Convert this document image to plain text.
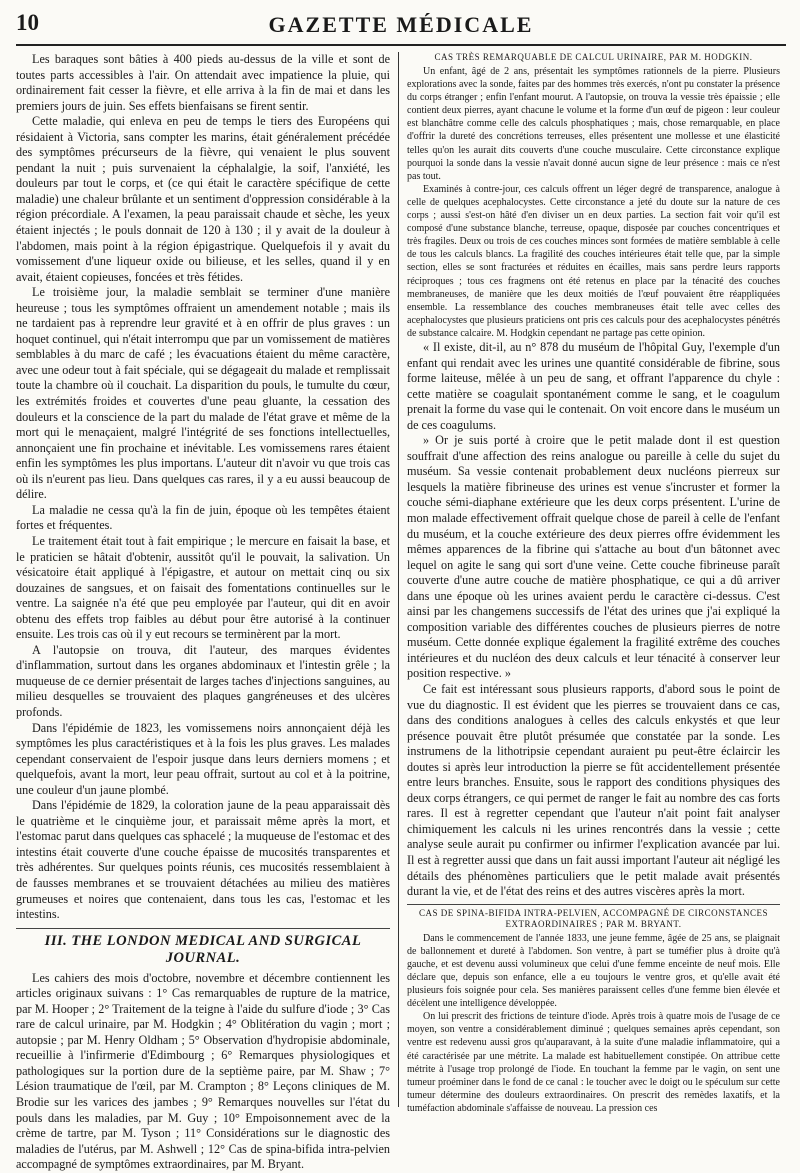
10	GAZETTE MÉDICALE

Les baraques sont bâties à 400 pieds au-dessus de la ville et sont de toutes parts accessibles à l'air. On attendait avec impatience la pluie, qui ordinairement fait cesser la fièvre, et elle arriva à la fin de mai et dans les premiers jours de juin. Ses effets bienfaisans se firent sentir.

Cette maladie, qui enleva en peu de temps le tiers des Européens qui résidaient à Victoria, sans compter les marins, était généralement précédée des symptômes précurseurs de la fièvre, qui venaient le plus souvent pendant la nuit ; puis survenaient la céphalalgie, la soif, l'anxiété, les douleurs par tout le corps, et (ce qui était le caractère spécifique de cette maladie) une chaleur brûlante et un sentiment d'oppression considérable à la région précordiale. A l'examen, la peau paraissait chaude et sèche, les yeux étaient injectés ; le pouls donnait de 120 à 130 ; il y avait de la douleur à l'abdomen, mais point à la région épigastrique. Quelquefois il y avait du vomissement d'une liqueur oxide ou bilieuse, et les selles, quand il y en avait, étaient copieuses, foncées et très fétides.

Le troisième jour, la maladie semblait se terminer d'une manière heureuse ; tous les symptômes offraient un amendement notable ; mais ils ne tardaient pas à reprendre leur gravité et à en offrir de plus graves : un hoquet continuel, qui n'était interrompu que par un vomissement de matières semblables à du marc de café ; les évacuations étaient du même caractère, avec une odeur tout à fait spéciale, qui se dégageait du malade et remplissait toute la chambre où il couchait. La disparition du pouls, le tumulte du cœur, les extrémités froides et couvertes d'une peau gluante, la cessation des douleurs et la conscience de la part du malade de l'état grave et même de la mort qui le menaçaient, malgré l'intégrité de ses fonctions intellectuelles, annonçaient une fin prochaine et inévitable. Les vomissemens rares étaient enfin les symptômes les plus importans. L'auteur dit n'avoir vu que trois cas où ils n'eurent pas lieu. Dans quelques cas rares, il y a eu aussi beaucoup de délire.

La maladie ne cessa qu'à la fin de juin, époque où les tempêtes étaient fortes et fréquentes.

Le traitement était tout à fait empirique ; le mercure en faisait la base, et le praticien se hâtait d'obtenir, aussitôt qu'il le pouvait, la salivation. Un vésicatoire était appliqué à l'épigastre, et autour on mettait cinq ou six douzaines de sangsues, et on faisait des fomentations continuelles sur le ventre. La saignée n'a été que peu employée par l'auteur, qui dit en avoir obtenu des effets trop faibles au début pour être autorisé à la continuer ensuite. Les trois cas où il y eut recours se terminèrent par la mort.

A l'autopsie on trouva, dit l'auteur, des marques évidentes d'inflammation, surtout dans les organes abdominaux et l'intestin grêle ; la muqueuse de ce dernier présentait de larges taches d'injections sanguines, au milieu desquelles se trouvaient des plaques gangréneuses et des ulcères profonds.

Dans l'épidémie de 1823, les vomissemens noirs annonçaient déjà les symptômes les plus caractéristiques et à la fois les plus graves. Les malades cependant conservaient de l'espoir jusque dans leurs derniers momens ; et quelquefois, avant la mort, leur peau offrait, surtout au col et à la poitrine, une couleur d'un jaune plombé.

Dans l'épidémie de 1829, la coloration jaune de la peau apparaissait dès le quatrième et le cinquième jour, et paraissait même après la mort, et l'estomac parut dans quelques cas sphacelé ; la muqueuse de l'estomac et des intestins était couverte d'une couche épaisse de mucosités transparentes et très adhérentes. Sur quelques points réunis, ces mucosités ressemblaient à de fausses membranes et se trouvaient détachées au milieu des matières grumeuses et noires que contenaient, dans tous les cas, l'estomac et les intestins.

III. THE LONDON MEDICAL AND SURGICAL JOURNAL.

Les cahiers des mois d'octobre, novembre et décembre contiennent les articles originaux suivans : 1° Cas remarquables de rupture de la matrice, par M. Hooper ; 2° Traitement de la teigne à l'aide du sulfure d'iode ; 3° Cas rare de calcul urinaire, par M. Hodgkin ; 4° Oblitération du vagin ; mort ; autopsie ; par M. Henry Oldham ; 5° Observation d'hydropisie abdominale, recueillie à l'infirmerie d'Edimbourg ; 6° Remarques physiologiques et pathologiques sur la portion dure de la septième paire, par M. Shaw ; 7° Lésion traumatique de l'œil, par M. Crampton ; 8° Leçons cliniques de M. Brodie sur les varices des jambes ; 9° Remarques nouvelles sur l'état du pouls dans les maladies, par M. Guy ; 10° Empoisonnement avec de la crème de tartre, par M. Tyson ; 11° Considérations sur le diagnostic des maladies de l'utérus, par M. Ashwell ; 12° Cas de spina-bifida intra-pelvien accompagné de symptômes extraordinaires, par M. Bryant.

CAS TRÈS REMARQUABLE DE CALCUL URINAIRE, PAR M. HODGKIN.

Un enfant, âgé de 2 ans, présentait les symptômes rationnels de la pierre. Plusieurs explorations avec la sonde, faites par des hommes très exercés, n'ont pu constater la présence du corps étranger ; enfin l'enfant mourut. A l'autopsie, on trouva la vessie très épaissie ; elle contient deux pierres, ayant chacune le volume et la forme d'un œuf de pigeon : leur couleur est blanchâtre comme celle des calculs phosphatiques ; mais, chose remarquable, en place d'offrir la dureté des concrétions terreuses, elles présentent une mollesse et une élasticité telles qu'on les aurait dits couverts d'une couche musculaire. Cette circonstance explique pourquoi la sonde dans la vessie n'avait donné aucun signe de leur présence : mais ce n'est pas tout.

Examinés à contre-jour, ces calculs offrent un léger degré de transparence, analogue à celle de quelques acephalocystes. Cette circonstance a jeté du doute sur la nature de ces corps ; aussi s'est-on hâté d'en diviser un en deux parties. La section fait voir qu'il est composé d'une substance blanche, terreuse, opaque, disposée par couches concentriques et très fragiles. Deux ou trois de ces couches minces sont formées de matière semblable à celle de tous les calculs blancs. La fragilité des couches intérieures était telle que, par la simple section, elles se sont fracturées et réduites en écailles, mais sans perdre leurs rapports réciproques ; tous ces fragmens ont été retenus en place par la ténacité des couches membraneuses, de manière que les deux moitiés de l'œuf pouvaient être réappliquées ensemble. La ressemblance des couches membraneuses était telle avec celles des acephalocystes que plusieurs praticiens ont pris ces calculs pour des acephalocystes pénétrés de substance calcaire. M. Hodgkin cependant ne partage pas cette opinion.

« Il existe, dit-il, au n° 878 du muséum de l'hôpital Guy, l'exemple d'un enfant qui rendait avec les urines une quantité considérable de fibrine, sous forme laiteuse, mêlée à un peu de sang, et offrant l'apparence du chyle : cette matière se coagulait spontanément comme le sang, et le coagulum prenait la forme du vase qui le contenait. On voit encore dans le muséum un de ces coagulums.

» Or je suis porté à croire que le petit malade dont il est question souffrait d'une affection des reins analogue ou pareille à celle du sujet du muséum. Sa vessie contenait probablement deux nucléons pierreux sur lesquels la matière fibrineuse des urines est venue s'incruster et former la couche sémi-diaphane extérieure que les deux corps présentent. L'urine de mon malade effectivement offrait quelque chose de pareil à celle de l'enfant du muséum, et la couche extérieure des deux pierres offre évidemment les mêmes apparences de la fibrine qui s'attache au bout d'un bâtonnet avec lequel on agite le sang qui sort d'une veine. Cette couche fibrineuse paraît couverte d'une autre couche de matière phosphatique, ce qui a dû arriver dans une époque où les urines avaient perdu le caractère ci-dessus. C'est ainsi par les changemens successifs de l'état des urines que j'ai expliqué la composition variable des différentes couches de plusieurs pierres de notre muséum. Cette donnée explique également la fragilité extrême des couches intérieures et du nucléon des deux calculs et leur ténacité à conserver leur position respective. »

Ce fait est intéressant sous plusieurs rapports, d'abord sous le point de vue du diagnostic. Il est évident que les pierres se trouvaient dans ce cas, dans des conditions analogues à celles des calculs enkystés et que leur présence pouvait être plutôt présumée que constatée par la sonde. Les instrumens de la lithotripsie cependant auraient pu peut-être éclaircir les doutes si après leur introduction la pierre se fût accidentellement présentée entre leurs branches. Ensuite, sous le rapport des conditions physiques des deux corps étrangers, ce qui permet de ranger le fait au nombre des cas forts rares. Il est à regretter cependant que l'auteur n'ait point fait analyser chimiquement les calculs ni les urines rencontrés dans la vessie ; cette analyse seule aurait pu confirmer ou infirmer l'explication avancée par lui. Il est à regretter aussi que dans un fait aussi important l'auteur ait négligé les détails des phénomènes particuliers que le petit malade avait présentés durant la vie, et de l'état des reins et des autres viscères après la mort.

CAS DE SPINA-BIFIDA INTRA-PELVIEN, ACCOMPAGNÉ DE CIRCONSTANCES EXTRAORDINAIRES ; PAR M. BRYANT.

Dans le commencement de l'année 1833, une jeune femme, âgée de 25 ans, se plaignait de ballonnement et dureté à l'abdomen. Son ventre, à part se tuméfier plus à droite qu'à gauche, et est devenu aussi volumineux que celui d'une femme enceinte de neuf mois. Elle déclare que, depuis son enfance, elle a eu toujours le ventre gros, et qu'elle avait été plusieurs fois soignée pour cela. Ses manières paraissent celles d'une femme bien élevée et décèlent une intelligence développée.

On lui prescrit des frictions de teinture d'iode. Après trois à quatre mois de l'usage de ce moyen, son ventre a considérablement diminué ; quelques semaines après cependant, son ventre est redevenu aussi gros qu'auparavant, à la suite d'une maladie inflammatoire, qui a été caractérisée par une métrite. La malade est habituellement constipée. On attribue cette métrite à l'usage trop prolongé de l'iode. En touchant la femme par le vagin, on sent une tumeur proéminer dans le fond de ce canal : le toucher avec le doigt ou le spéculum sur cette tumeur détermine des douleurs extraordinaires. On prescrit des remèdes laxatifs, et la tuméfaction abdominale s'affaisse de nouveau. La pression ces
